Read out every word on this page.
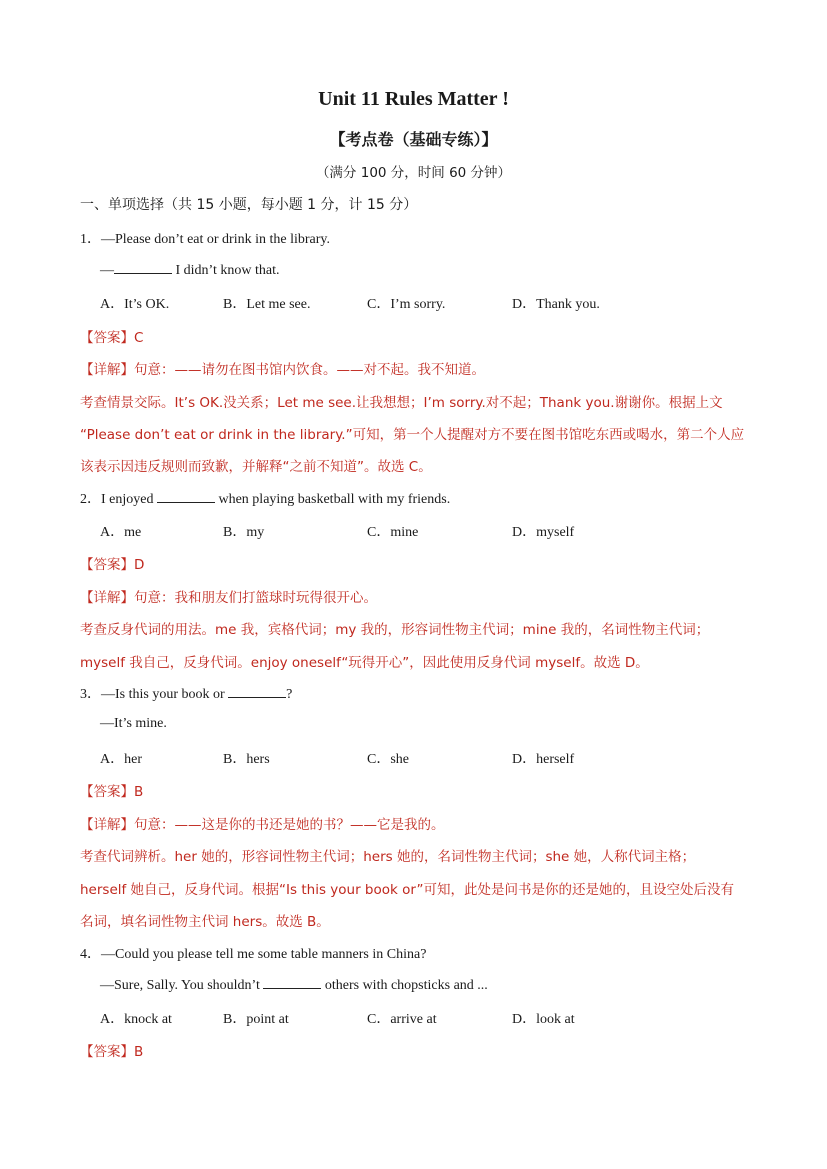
Unit 11 Rules Matter !
【考点卷（基础专练）】
（满分 100 分，时间 60 分钟）
一、单项选择（共 15 小题，每小题 1 分，计 15 分）
1．—Please don’t eat or drink in the library.
—	I didn’t know that.
A．It’s OK.	B．Let me see.	C．I’m sorry.	D．Thank you.
【答案】C
【详解】句意：——请勿在图书馆内饮食。——对不起。我不知道。
考查情景交际。It’s OK.没关系；Let me see.让我想想；I’m sorry.对不起；Thank you.谢谢你。根据上文
“Please don’t eat or drink in the library.”可知，第一个人提醒对方不要在图书馆吃东西或喝水，第二个人应
该表示因违反规则而致歉，并解释“之前不知道”。故选 C。
2．I enjoyed	when playing basketball with my friends.
A．me	B．my	C．mine	D．myself
【答案】D
【详解】句意：我和朋友们打篮球时玩得很开心。
考查反身代词的用法。me 我，宾格代词；my 我的，形容词性物主代词；mine 我的，名词性物主代词；
myself 我自己，反身代词。enjoy oneself“玩得开心”，因此使用反身代词 myself。故选 D。
3．—Is this your book or	?
—It’s mine.
A．her	B．hers	C．she	D．herself
【答案】B
【详解】句意：——这是你的书还是她的书？——它是我的。
考查代词辨析。her 她的，形容词性物主代词；hers 她的，名词性物主代词；she 她，人称代词主格；
herself 她自己，反身代词。根据“Is this your book or”可知，此处是问书是你的还是她的，且设空处后没有
名词，填名词性物主代词 hers。故选 B。
4．—Could you please tell me some table manners in China?
—Sure, Sally. You shouldn’t	others with chopsticks and ...
A．knock at	B．point at	C．arrive at	D．look at
【答案】B
